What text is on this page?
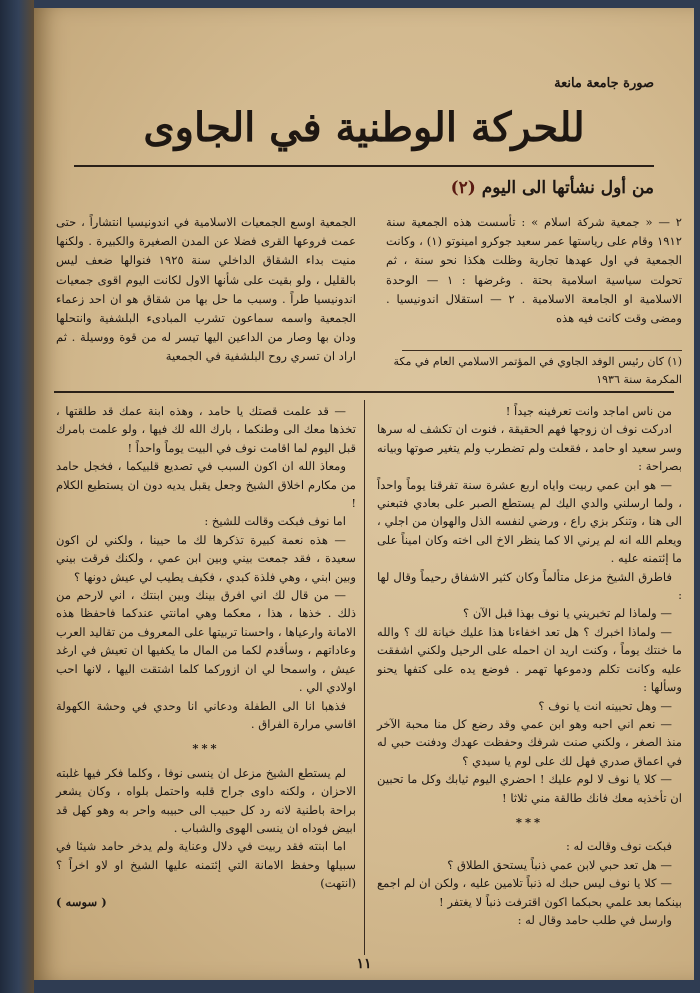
صورة جامعة مانعة
للحركة الوطنية في الجاوى
من أول نشأتها الى اليوم (٢)
٢ — « جمعية شركة اسلام » : تأسست هذه الجمعية سنة ١٩١٢ وقام على رياستها عمر سعيد جوكرو امينوتو (١) ، وكانت الجمعية في اول عهدها تجارية وظلت هكذا نحو سنة ، ثم تحولت سياسية اسلامية بحتة . وغرضها : ١ — الوحدة الاسلامية او الجامعة الاسلامية . ٢ — استقلال اندونيسيا . ومضى وقت كانت فيه هذه
الجمعية اوسع الجمعيات الاسلامية في اندونيسيا انتشاراً ، حتى عمت فروعها القرى فضلا عن المدن الصغيرة والكبيرة . ولكنها منيت بداء الشقاق الداخلي سنة ١٩٢٥ فنوالها ضعف ليس بالقليل ، ولو بقيت على شأنها الاول لكانت اليوم اقوى جمعيات اندونيسيا طراً . وسبب ما حل بها من شقاق هو ان احد زعماء الجمعية واسمه سماعون تشرب المبادىء البلشفية وانتحلها ودان بها وصار من الداعين اليها تيسر له من قوة ووسيلة . ثم اراد ان تسري روح البلشفية في الجمعية	(١) كان رئيس الوفد الجاوي في المؤتمر الاسلامي العام في مكة المكرمة سنة ١٩٣٦

من ناس اماجد وانت تعرفينه جيداً !

ادركت نوف ان زوجها فهم الحقيقة ، فنوت ان تكشف له سرها وسر سعيد او حامد ، فقعلت ولم تضطرب ولم يتغير صوتها وبيانه بصراحة :

— هو ابن عمي ربيت واياه اربع عشرة سنة تفرقنا يوماً واحداً ، ولما ارسلني والدي اليك لم يستطع الصبر على بعادي فتبعني الى هنا ، وتنكر بزي راع ، ورضي لنفسه الذل والهوان من اجلي ، ويعلم الله انه لم يرني الا كما ينظر الاخ الى اخته وكان اميناً على ما إئتمنه عليه .

فاطرق الشيخ مزعل متألماً وكان كثير الاشفاق رحيماً وقال لها :

— ولماذا لم تخبريني يا نوف بهذا قبل الآن ؟

— ولماذا اخبرك ؟ هل تعد اخفاءنا هذا عليك خيانة لك ؟ والله ما خنتك يوماً ، وكنت اريد ان احمله على الرحيل ولكني اشفقت عليه وكانت تكلم ودموعها تهمر . فوضع يده على كتفها يحنو وسألها :

— وهل تحبينه انت يا نوف ؟

— نعم اني احبه وهو ابن عمي وقد رضع كل منا محبة الآخر منذ الصغر ، ولكني صنت شرفك وحفظت عهدك ودفنت حبي له في اعماق صدري فهل لك على لوم يا سيدي ؟

— كلا يا نوف لا لوم عليك ! احضري اليوم ثيابك وكل ما تحبين ان تأخذيه معك فانك طالقة مني ثلاثا !

***

فبكت نوف وقالت له :

— هل تعد حبي لابن عمي ذنباً يستحق الطلاق ؟

— كلا يا نوف ليس حبك له ذنباً تلامين عليه ، ولكن ان لم اجمع بينكما بعد علمي بحبكما اكون اقترفت ذنباً لا يغتفر !

وارسل في طلب حامد وقال له :

— قد علمت قصتك يا حامد ، وهذه ابنة عمك قد طلقتها ، تخذها معك الى وطنكما ، بارك الله لك فيها ، ولو علمت بامرك قبل اليوم لما اقامت نوف في البيت يوماً واحداً !

ومعاذ الله ان اكون السبب في تصديع قلبيكما ، فخجل حامد من مكارم اخلاق الشيخ وجعل يقبل يديه دون ان يستطيع الكلام !

اما نوف فبكت وقالت للشيخ :

— هذه نعمة كبيرة تذكرها لك ما حيينا ، ولكني لن اكون سعيدة ، فقد جمعت بيني وبين ابن عمي ، ولكنك فرقت بيني وبين ابني ، وهي فلذة كبدي ، فكيف يطيب لي عيش دونها ؟

— من قال لك اني افرق بينك وبين ابنتك ، اني لارحم من ذلك . خذها ، هذا ، معكما وهي امانتي عندكما فاحفظا هذه الامانة وارعياها ، واحسنا تربيتها على المعروف من تقاليد العرب وعاداتهم ، وسأقدم لكما من المال ما يكفيها ان تعيش في ارغد عيش ، واسمحا لي ان ازوركما كلما اشتقت اليها ، لانها احب اولادي الي .

فذهبا انا الى الطفلة ودعاني انا وحدي في وحشة الكهولة اقاسي مرارة الفراق .

***

لم يستطع الشيخ مزعل ان ينسى نوفا ، وكلما فكر فيها غلبته الاحزان ، ولكنه داوى جراح قلبه واحتمل بلواه ، وكان يشعر براحة باطنية لانه رد كل حبيب الى حبيبه واحر به وهو كهل قد ابيض فوداه ان ينسى الهوى والشباب .

اما ابنته فقد ربيت في دلال وعناية ولم يدخر حامد شيئا في سبيلها وحفظ الامانة التي إئتمنه عليها الشيخ او لاو اخراً ؟ (انتهت)

( سوسه )

١١
